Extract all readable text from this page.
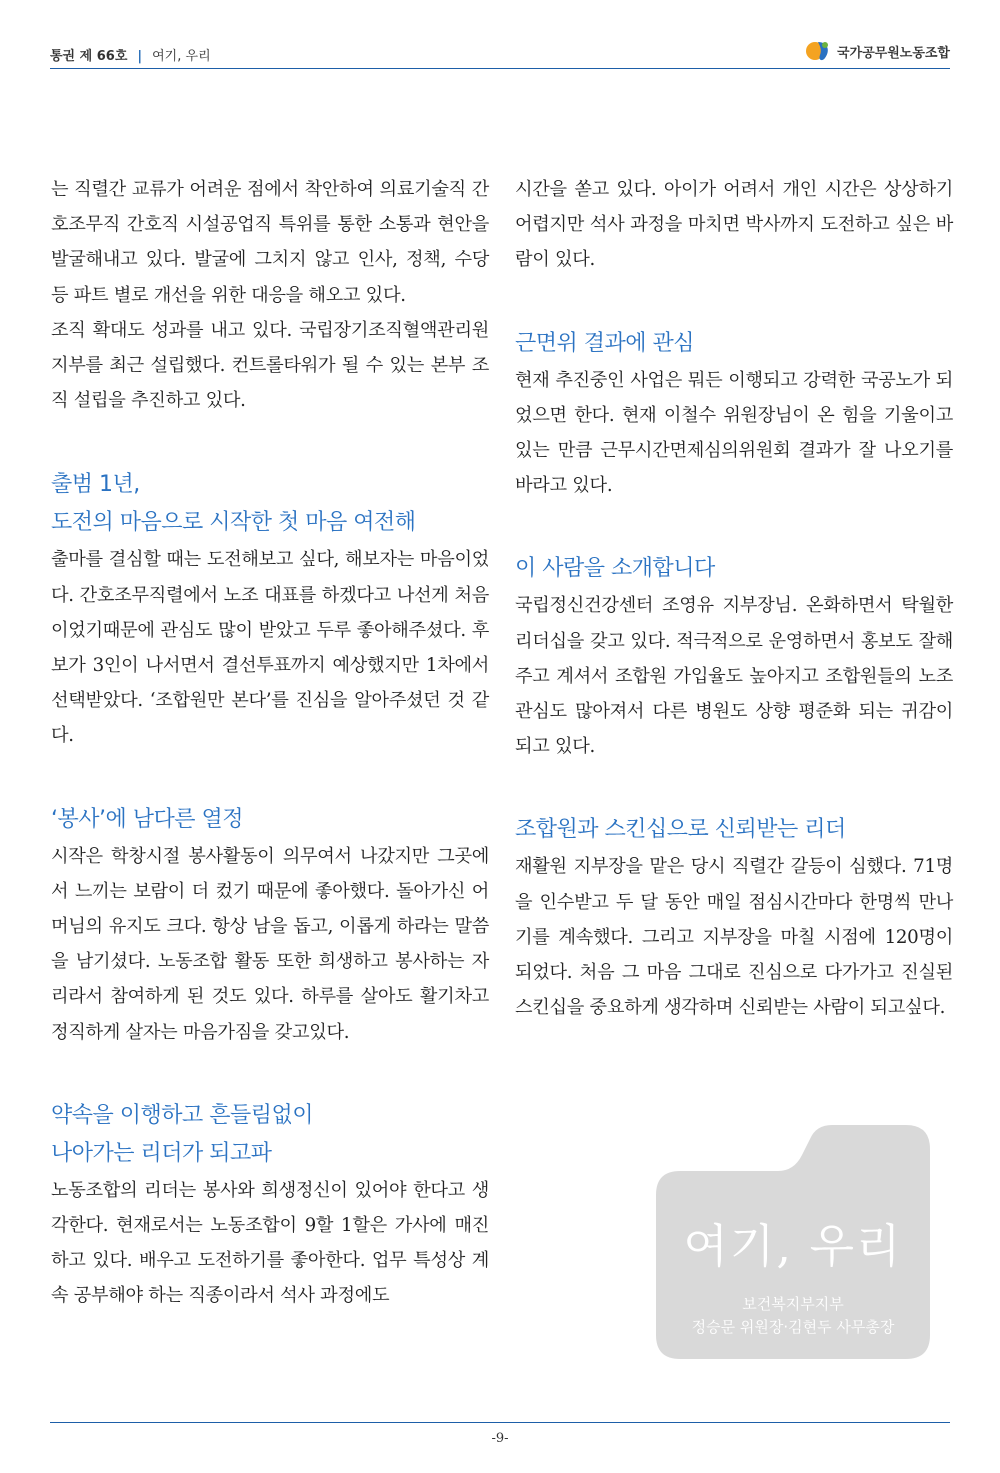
통권 제 66호 | 여기, 우리	국가공무원노동조합

는 직렬간 교류가 어려운 점에서 착안하여 의료기술직 간호조무직 간호직 시설공업직 특위를 통한 소통과 현안을 발굴해내고 있다. 발굴에 그치지 않고 인사, 정책, 수당 등 파트 별로 개선을 위한 대응을 해오고 있다.

조직 확대도 성과를 내고 있다. 국립장기조직혈액관리원 지부를 최근 설립했다. 컨트롤타워가 될 수 있는 본부 조직 설립을 추진하고 있다.

출범 1년,
도전의 마음으로 시작한 첫 마음 여전해

출마를 결심할 때는 도전해보고 싶다, 해보자는 마음이었다. 간호조무직렬에서 노조 대표를 하겠다고 나선게 처음이었기때문에 관심도 많이 받았고 두루 좋아해주셨다. 후보가 3인이 나서면서 결선투표까지 예상했지만 1차에서 선택받았다. ‘조합원만 본다’를 진심을 알아주셨던 것 같다.

‘봉사’에 남다른 열정

시작은 학창시절 봉사활동이 의무여서 나갔지만 그곳에서 느끼는 보람이 더 컸기 때문에 좋아했다. 돌아가신 어머님의 유지도 크다. 항상 남을 돕고, 이롭게 하라는 말씀을 남기셨다. 노동조합 활동 또한 희생하고 봉사하는 자리라서 참여하게 된 것도 있다. 하루를 살아도 활기차고 정직하게 살자는 마음가짐을 갖고있다.

약속을 이행하고 흔들림없이
나아가는 리더가 되고파

노동조합의 리더는 봉사와 희생정신이 있어야 한다고 생각한다. 현재로서는 노동조합이 9할 1할은 가사에 매진하고 있다. 배우고 도전하기를 좋아한다. 업무 특성상 계속 공부해야 하는 직종이라서 석사 과정에도

시간을 쏟고 있다. 아이가 어려서 개인 시간은 상상하기 어렵지만 석사 과정을 마치면 박사까지 도전하고 싶은 바람이 있다.

근면위 결과에 관심

현재 추진중인 사업은 뭐든 이행되고 강력한 국공노가 되었으면 한다. 현재 이철수 위원장님이 온 힘을 기울이고 있는 만큼 근무시간면제심의위원회 결과가 잘 나오기를 바라고 있다.

이 사람을 소개합니다

국립정신건강센터 조영유 지부장님. 온화하면서 탁월한 리더십을 갖고 있다. 적극적으로 운영하면서 홍보도 잘해주고 계셔서 조합원 가입율도 높아지고 조합원들의 노조 관심도 많아져서 다른 병원도 상향 평준화 되는 귀감이 되고 있다.

조합원과 스킨십으로 신뢰받는 리더

재활원 지부장을 맡은 당시 직렬간 갈등이 심했다. 71명을 인수받고 두 달 동안 매일 점심시간마다 한명씩 만나기를 계속했다. 그리고 지부장을 마칠 시점에 120명이 되었다. 처음 그 마음 그대로 진심으로 다가가고 진실된 스킨십을 중요하게 생각하며 신뢰받는 사람이 되고싶다.

여기, 우리
보건복지부지부
정승문 위원장·김현두 사무총장
-9-
